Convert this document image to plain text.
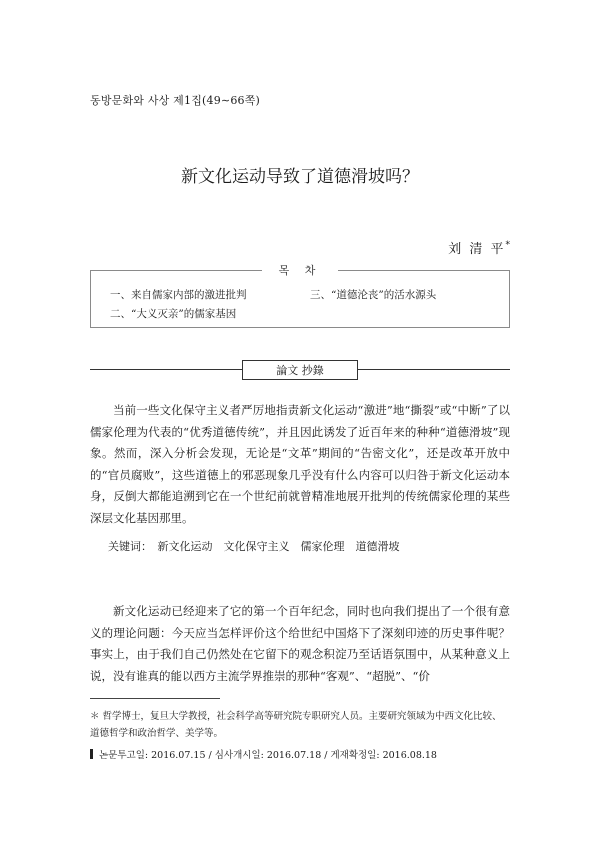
동방문화와 사상 제1집(49∼66쪽)
新文化运动导致了道德滑坡吗？
刘 清 平*
목 차
一、来自儒家内部的激进批判	三、“道德沦丧”的活水源头
二、“大义灭亲”的儒家基因
論文 抄錄
当前一些文化保守主义者严厉地指责新文化运动“激进”地“撕裂”或“中断”了以儒家伦理为代表的“优秀道德传统”，并且因此诱发了近百年来的种种“道德滑坡”现象。然而，深入分析会发现，无论是“文革”期间的“告密文化”，还是改革开放中的“官员腐败”，这些道德上的邪恶现象几乎没有什么内容可以归咎于新文化运动本身，反倒大都能追溯到它在一个世纪前就曾精准地展开批判的传统儒家伦理的某些深层文化基因那里。
关键词：　新文化运动　文化保守主义　儒家伦理　道德滑坡
新文化运动已经迎来了它的第一个百年纪念，同时也向我们提出了一个很有意义的理论问题：今天应当怎样评价这个给世纪中国烙下了深刻印迹的历史事件呢？事实上，由于我们自己仍然处在它留下的观念积淀乃至话语氛围中，从某种意义上说，没有谁真的能以西方主流学界推崇的那种“客观”、“超脱”、“价
＊ 哲学博士，复旦大学教授，社会科学高等研究院专职研究人员。主要研究领域为中西文化比较、道德哲学和政治哲学、美学等。
논문투고일: 2016.07.15 / 심사개시일: 2016.07.18 / 게재확정일: 2016.08.18
